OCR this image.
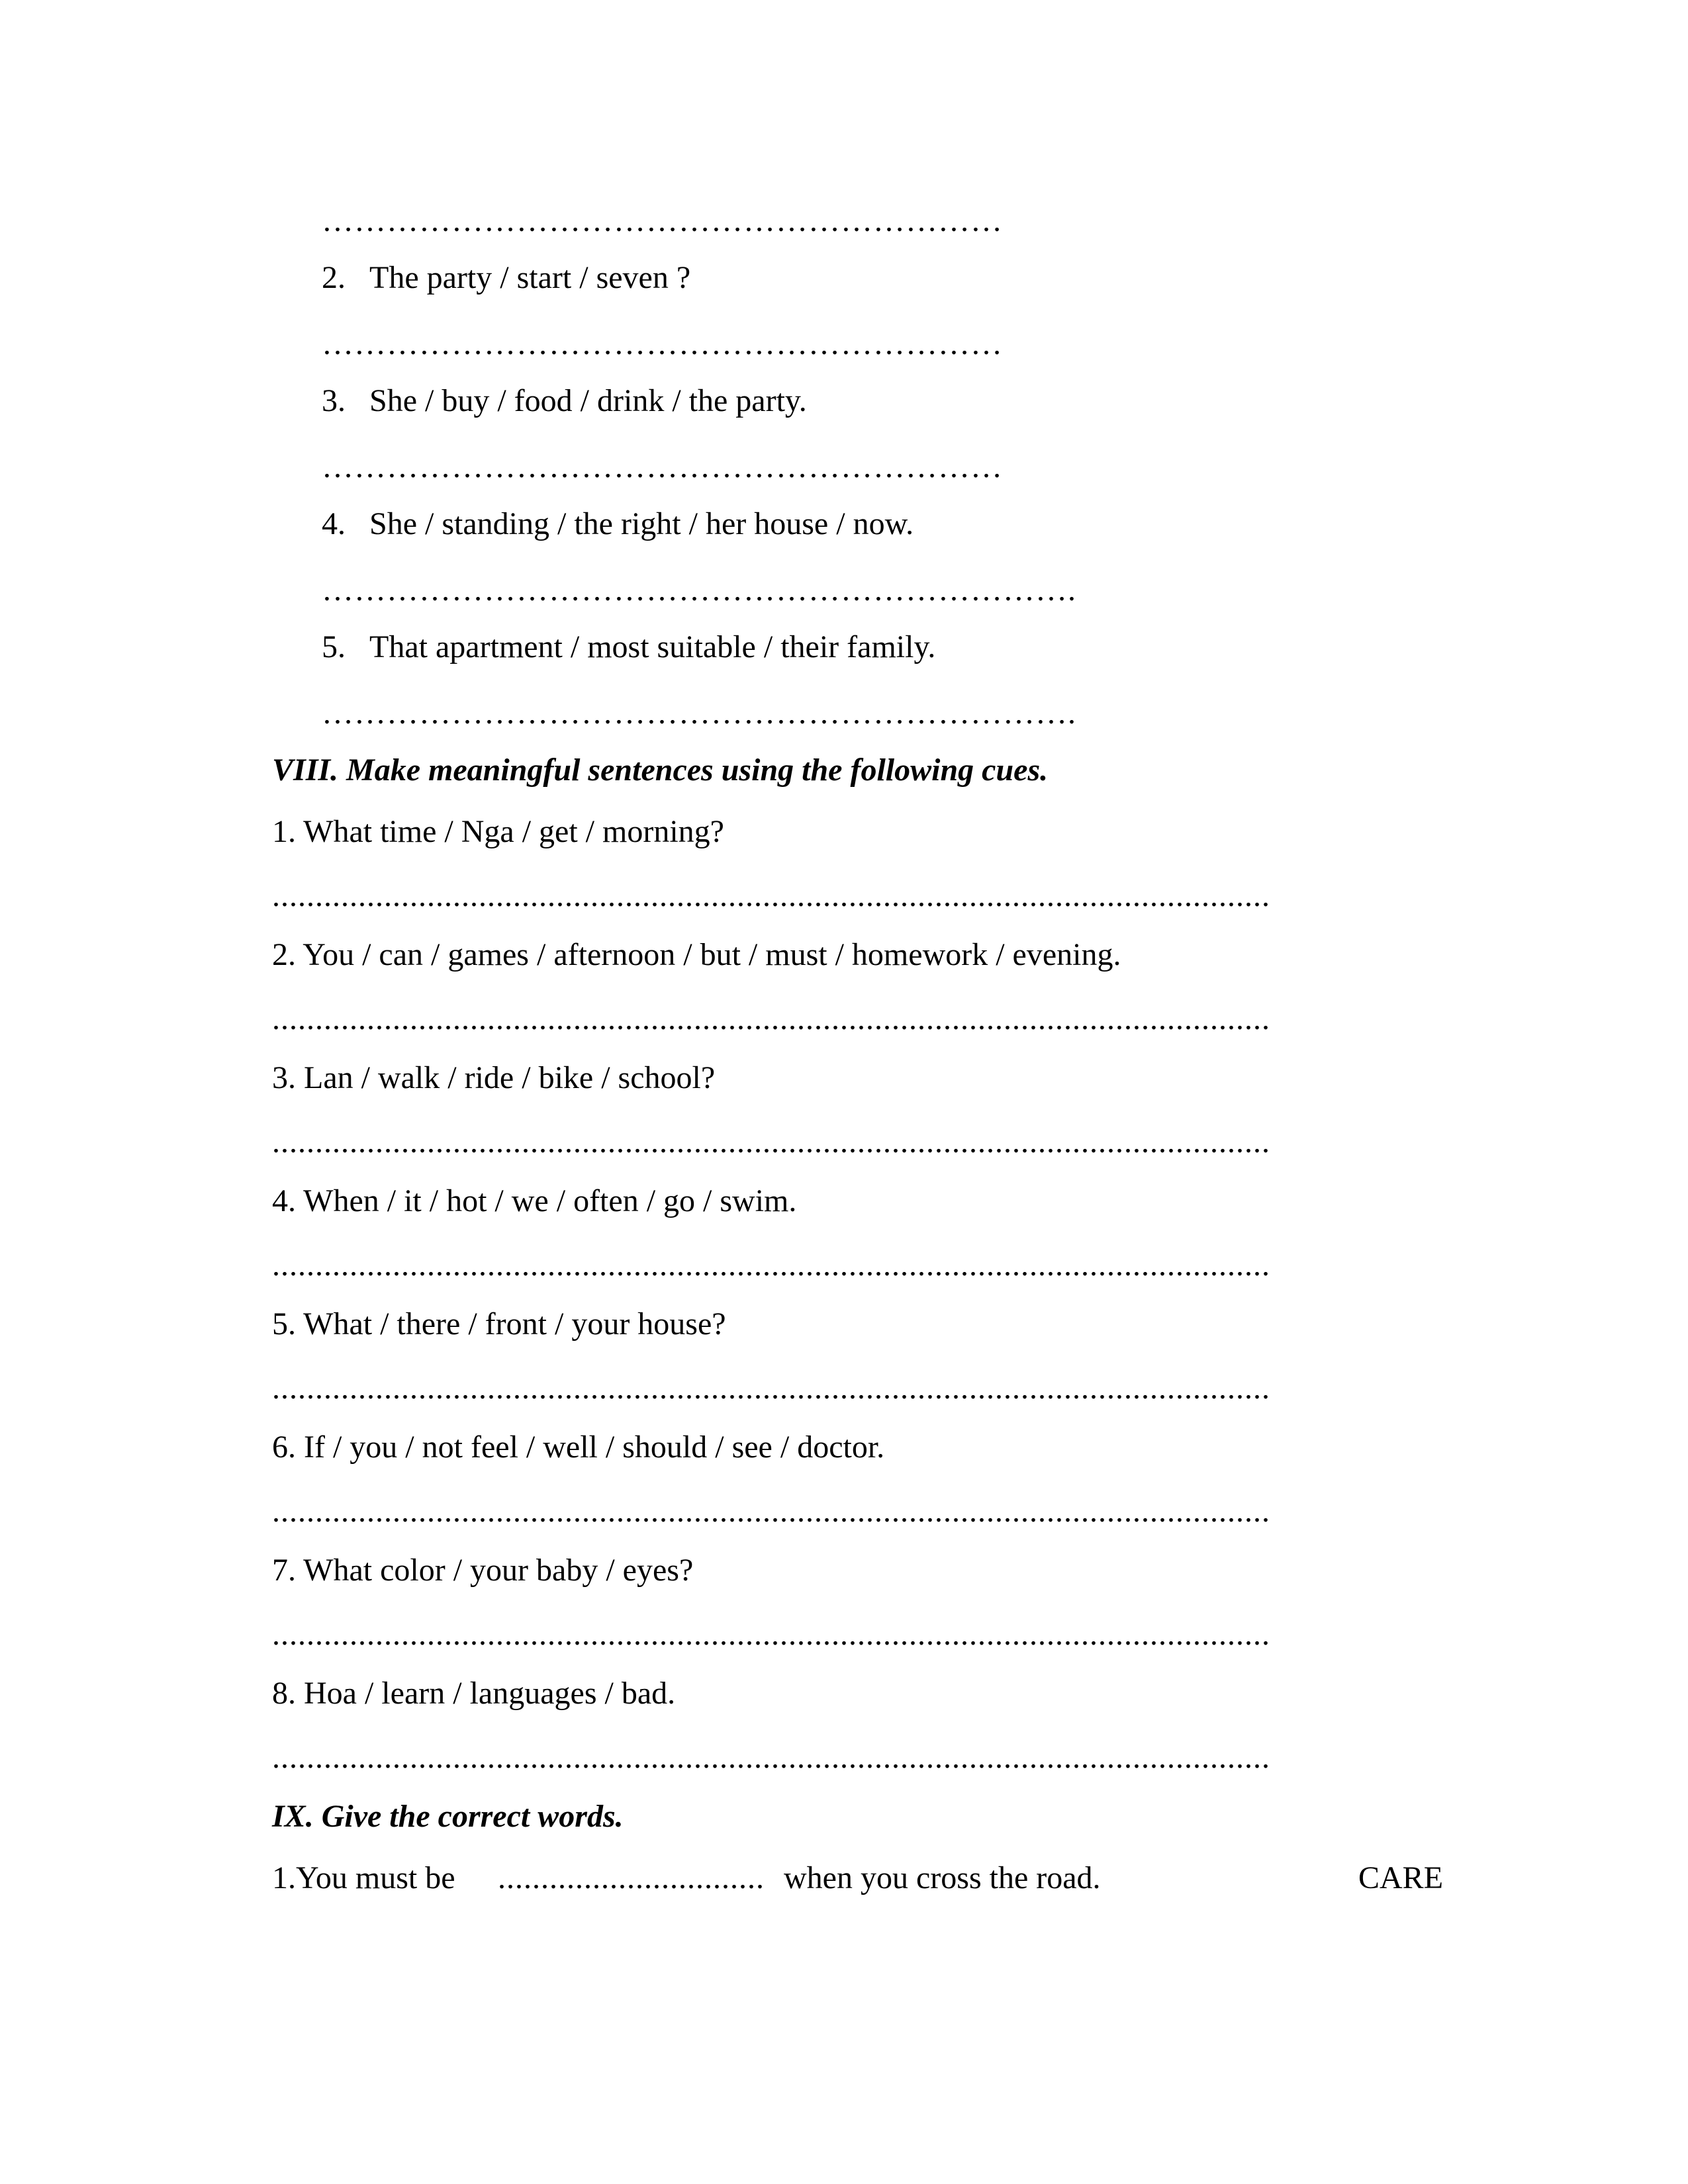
………………………………………………………

2. The party / start / seven ?

………………………………………………………

3. She / buy / food / drink / the party.

………………………………………………………

4. She / standing / the right / her house / now.

…………………………………………………………….

5. That apartment / most suitable / their family.

…………………………………………………………….

VIII. Make meaningful sentences using the following cues.

1. What time / Nga / get / morning?

....................................................................................................................

2. You / can / games / afternoon / but / must / homework / evening.

....................................................................................................................

3. Lan / walk / ride / bike / school?

....................................................................................................................

4. When / it / hot / we / often / go / swim.

....................................................................................................................

5. What / there / front / your house?

....................................................................................................................

6. If / you / not feel / well / should / see / doctor.

....................................................................................................................

7. What color / your baby / eyes?

....................................................................................................................

8. Hoa / learn / languages / bad.

....................................................................................................................

IX. Give the correct words.

1.You must be ............................... when you cross the road.	CARE
